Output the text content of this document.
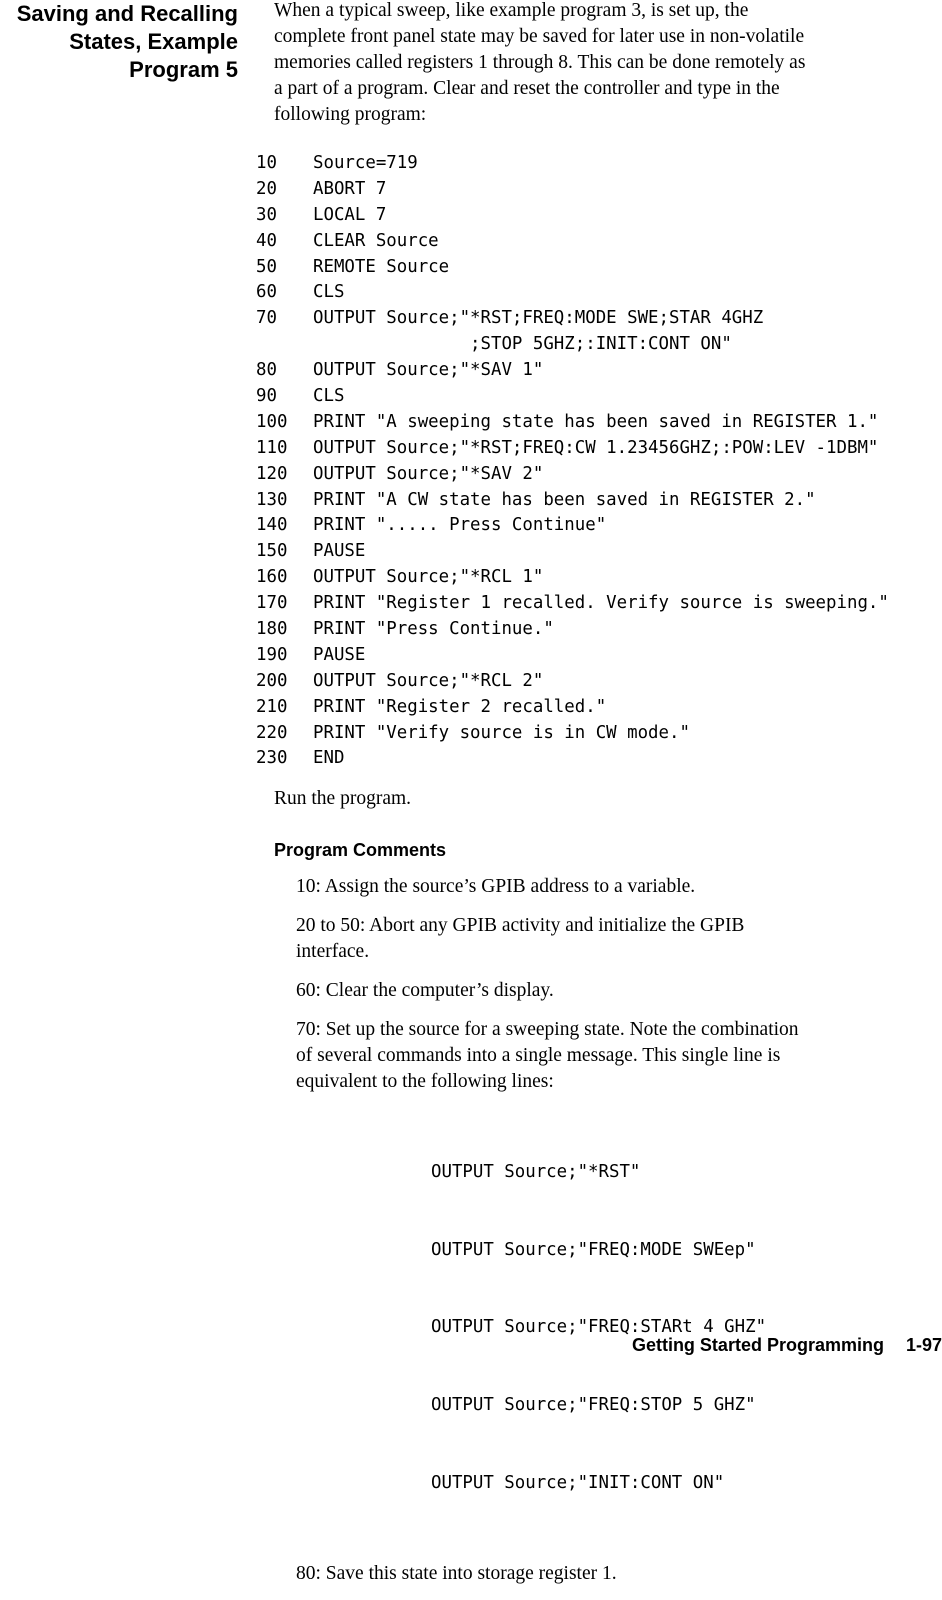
Saving and Recalling
States, Example
Program 5
When a typical sweep, like example program 3, is set up, the
complete front panel state may be saved for later use in non-volatile
memories called registers 1 through 8. This can be done remotely as
a part of a program. Clear and reset the controller and type in the
following program:
10 Source=719
20 ABORT 7
30 LOCAL 7
40 CLEAR Source
50 REMOTE Source
60 CLS
70 OUTPUT Source;"*RST;FREQ:MODE SWE;STAR 4GHZ
;STOP 5GHZ;:INIT:CONT ON"
80 OUTPUT Source;"*SAV 1"
90 CLS
100 PRINT "A sweeping state has been saved in REGISTER 1."
110 OUTPUT Source;"*RST;FREQ:CW 1.23456GHZ;:POW:LEV -1DBM"
120 OUTPUT Source;"*SAV 2"
130 PRINT "A CW state has been saved in REGISTER 2."
140 PRINT "..... Press Continue"
150 PAUSE
160 OUTPUT Source;"*RCL 1"
170 PRINT "Register 1 recalled. Verify source is sweeping."
180 PRINT "Press Continue."
190 PAUSE
200 OUTPUT Source;"*RCL 2"
210 PRINT "Register 2 recalled."
220 PRINT "Verify source is in CW mode."
230 END
Run the program.
Program Comments

10: Assign the source’s GPIB address to a variable.

20 to 50: Abort any GPIB activity and initialize the GPIB
interface.

60: Clear the computer’s display.

70: Set up the source for a sweeping state. Note the combination
of several commands into a single message. This single line is
equivalent to the following lines:

OUTPUT Source;"*RST"

OUTPUT Source;"FREQ:MODE SWEep"

OUTPUT Source;"FREQ:STARt 4 GHZ"

OUTPUT Source;"FREQ:STOP 5 GHZ"

OUTPUT Source;"INIT:CONT ON"

80: Save this state into storage register 1.

Getting Started Programming 1-97
